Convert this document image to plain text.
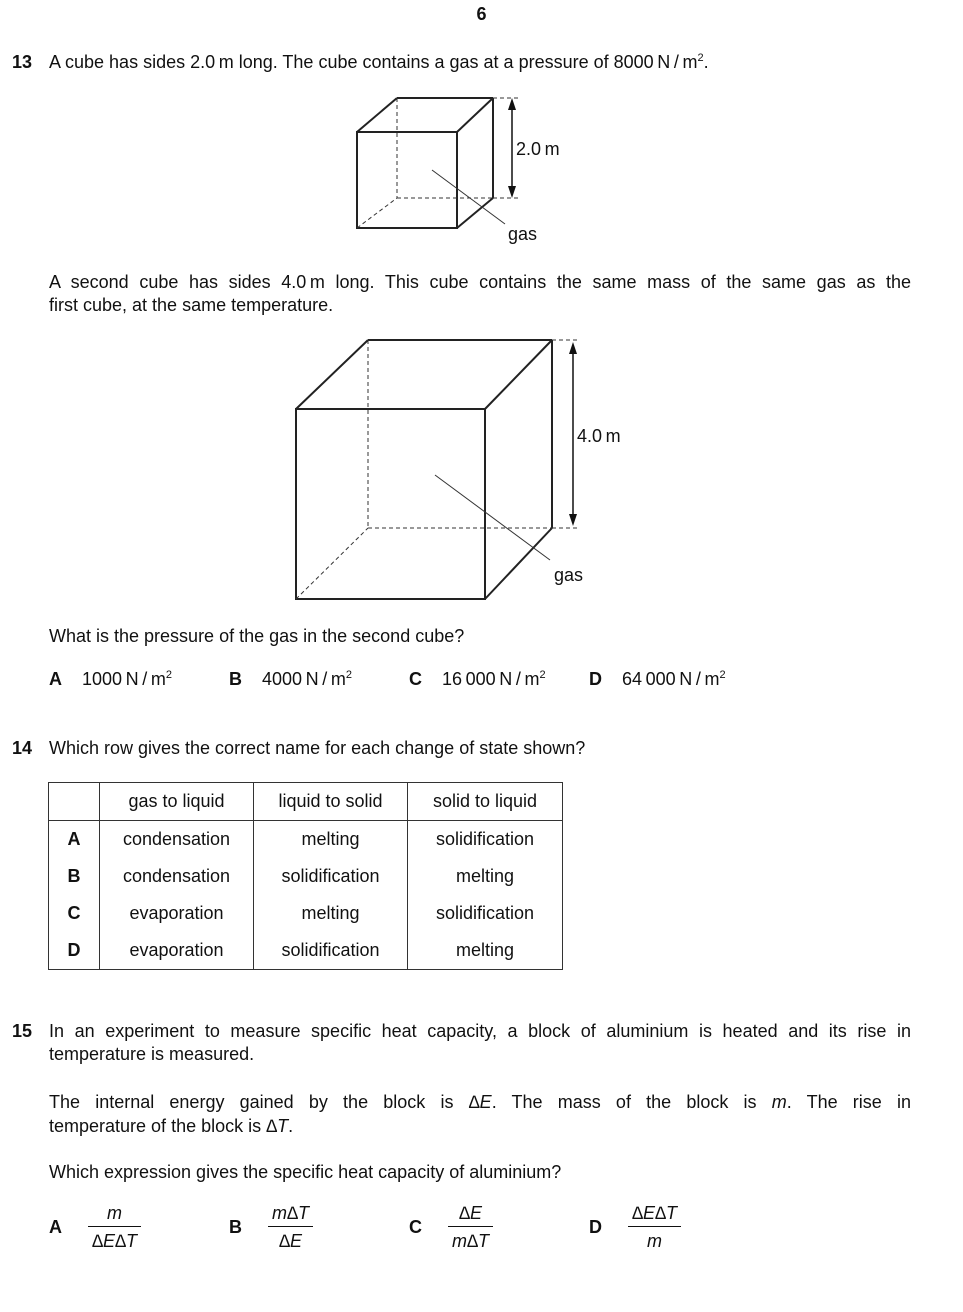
6
13 A cube has sides 2.0 m long. The cube contains a gas at a pressure of 8000 N / $m^2$.
2.0 m
gas
A second cube has sides 4.0 m long. This cube contains the same mass of the same gas as the
first cube, at the same temperature.
4.0 m
gas
What is the pressure of the gas in the second cube?
A 1000 N / $m^2$	B 4000 N / $m^2$	C 16 000 N / $m^2$ D 64 000 N / $m^2$
14 Which row gives the correct name for each change of state shown?
	gas to liquid	liquid to solid	solid to liquid
A	condensation	melting	solidification
B	condensation	solidification	melting
C	evaporation	melting	solidification
D	evaporation	solidification	melting
15 In an experiment to measure specific heat capacity, a block of aluminium is heated and its rise in
temperature is measured.
The internal energy gained by the block is ∆E. The mass of the block is m. The rise in
temperature of the block is ∆T.
Which expression gives the specific heat capacity of aluminium?
A $\frac{m}{\Delta E\Delta T}$	B $\frac{m\Delta T}{\Delta E}$	C $\frac{\Delta E}{m\Delta T}$	D $\frac{\Delta E\Delta T}{m}$
